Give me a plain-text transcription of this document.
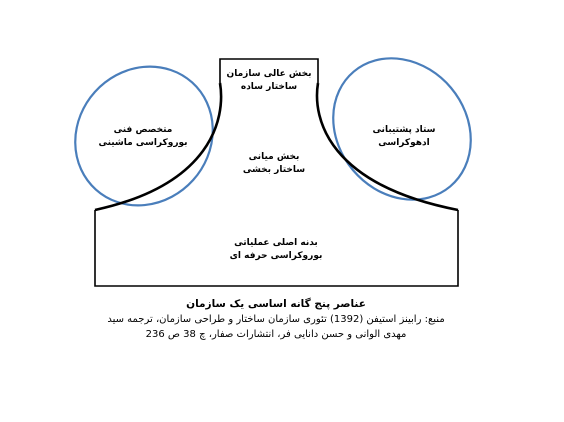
بخش عالی سازمان
ساختار ساده
متخصص فنی
بوروکراسی ماشینی
ستاد پشتیبانی
ادهوکراسی
بخش میانی
ساختار بخشی
بدنه اصلی عملیاتی
بوروکراسی حرفه ای
عناصر پنج گانه اساسی یک سازمان
منبع: رابینز استیفن (1392) تئوری سازمان ساختار و طراحی سازمان، ترجمه سید
مهدی الوانی و حسن دانایی فر، انتشارات صفار، چ 38 ص 236
